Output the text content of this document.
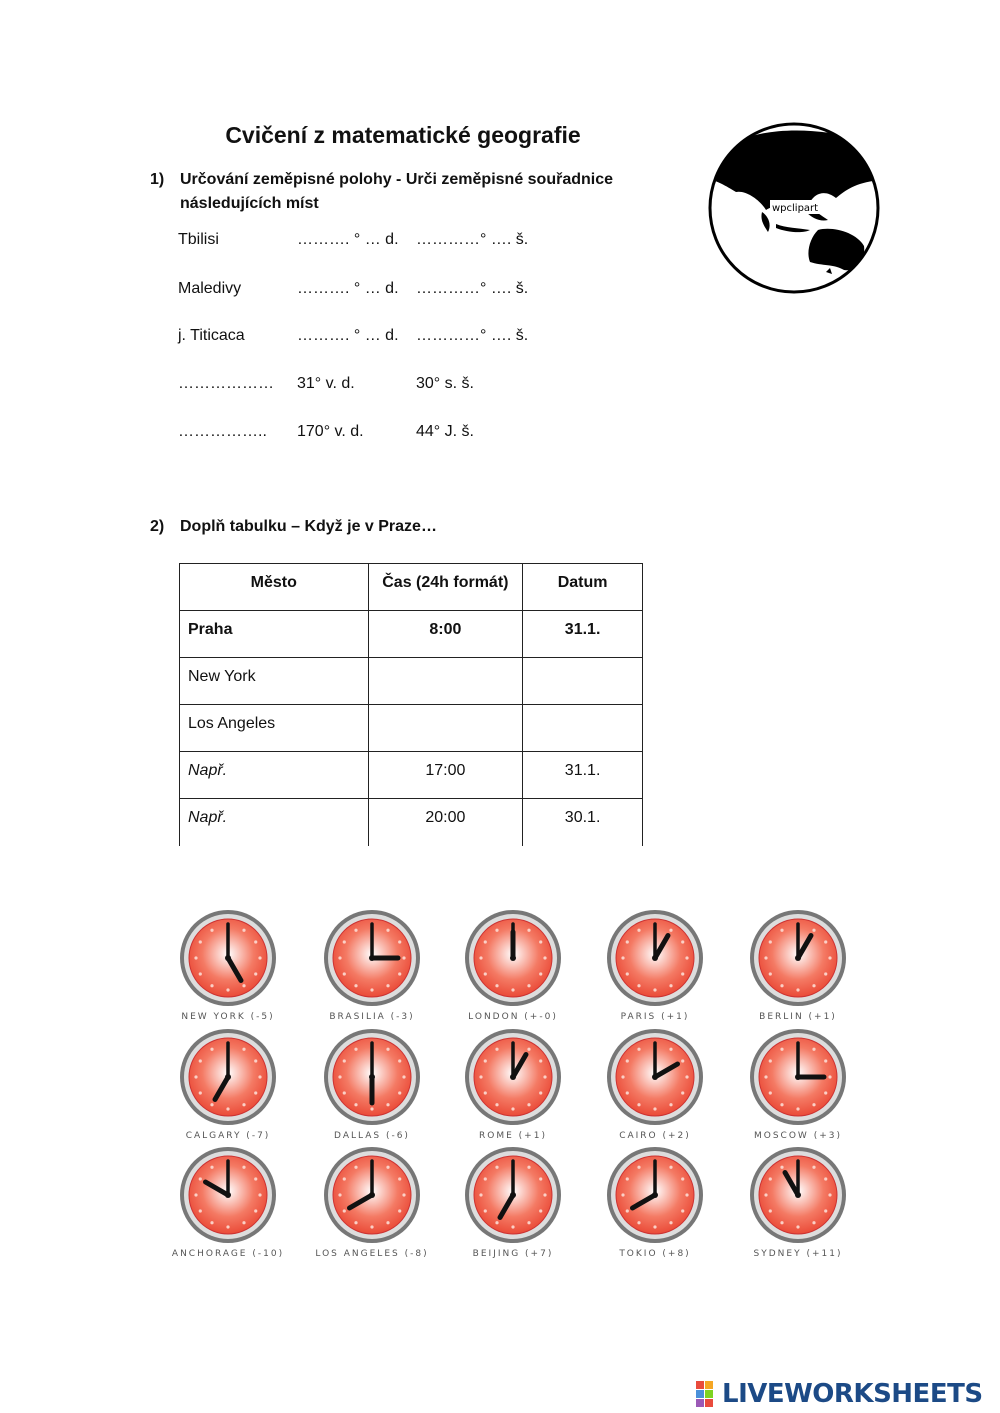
Cvičení z matematické geografie
wpclipart
1) Určování zeměpisné polohy - Urči zeměpisné souřadnice
následujících míst
Tbilisi	………. ° … d. …………° …. š.
Maledivy	………. ° … d. …………° …. š.
j. Titicaca	………. ° … d. …………° …. š.
……………… 31° v. d.	30° s. š.
…………….. 170° v. d.	44° J. š.
2) Doplň tabulku – Když je v Praze…
Město	Čas (24h formát)	Datum
Praha	8:00	31.1.
New York		
Los Angeles		
Např.	17:00	31.1.
Např.	20:00	30.1.
NEW YORK (-5)	BRASILIA (-3)	LONDON (+-0)	PARIS (+1)	BERLIN (+1)
CALGARY (-7)	DALLAS (-6)	ROME (+1)	CAIRO (+2)	MOSCOW (+3)
ANCHORAGE (-10)	LOS ANGELES (-8)	BEIJING (+7)	TOKIO (+8)	SYDNEY (+11)
LIVEWORKSHEETS
